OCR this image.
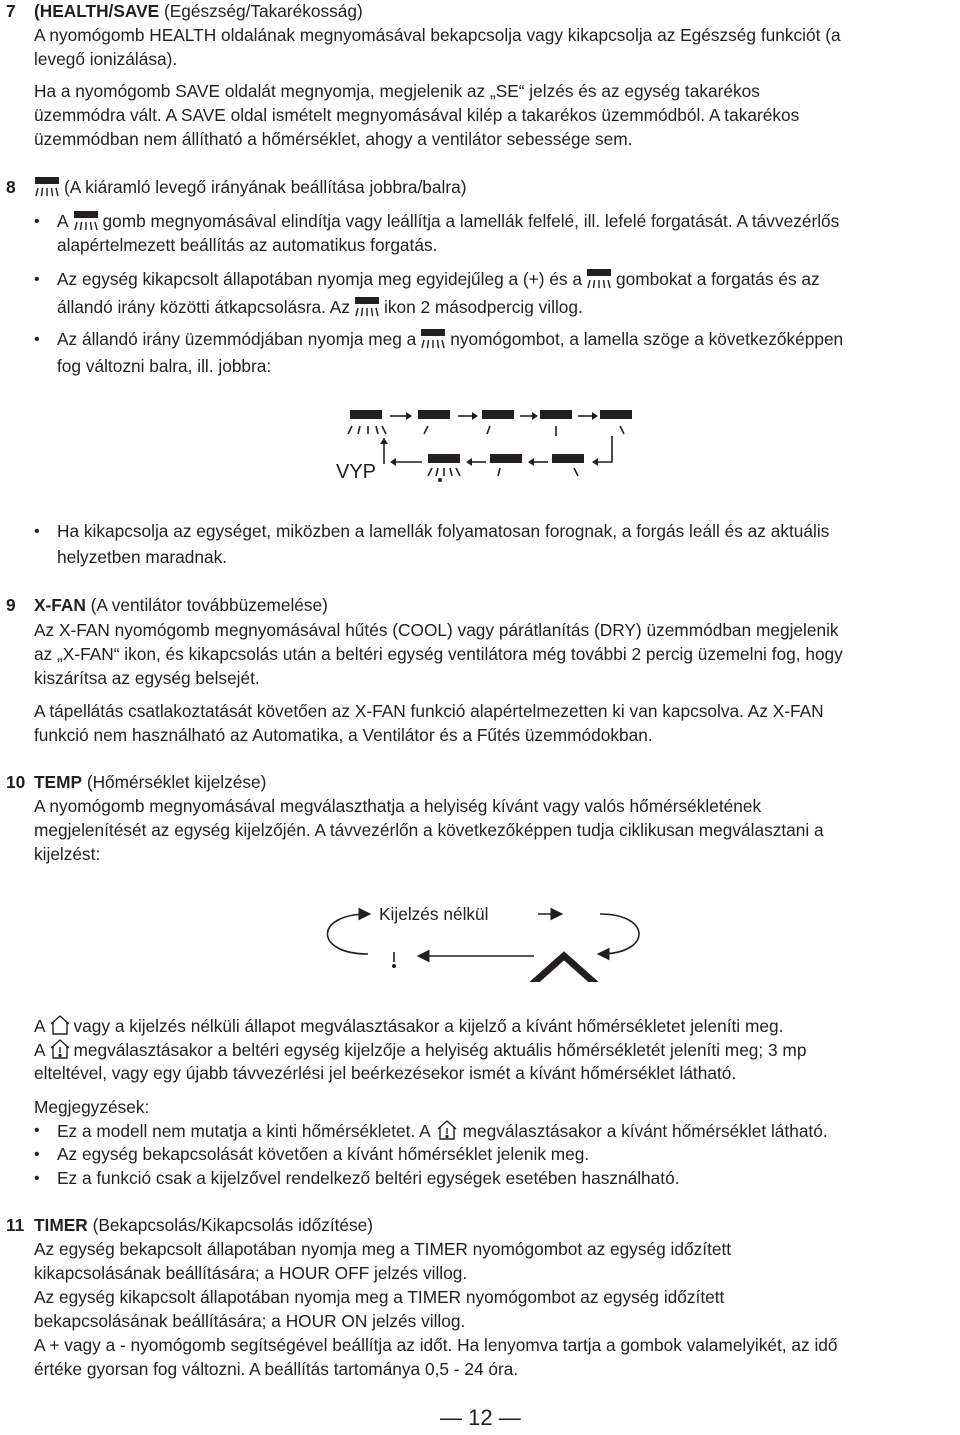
7 (HEALTH/SAVE (Egészség/Takarékosság)
A nyomógomb HEALTH oldalának megnyomásával bekapcsolja vagy kikapcsolja az Egészség funkciót (a
levegő ionizálása).
Ha a nyomógomb SAVE oldalát megnyomja, megjelenik az „SE“ jelzés és az egység takarékos
üzemmódra vált. A SAVE oldal ismételt megnyomásával kilép a takarékos üzemmódból. A takarékos
üzemmódban nem állítható a hőmérséklet, ahogy a ventilátor sebessége sem.
8	(A kiáramló levegő irányának beállítása jobbra/balra)
• A gomb megnyomásával elindítja vagy leállítja a lamellák felfelé, ill. lefelé forgatását. A távvezérlős
alapértelmezett beállítás az automatikus forgatás.
• Az egység kikapcsolt állapotában nyomja meg egyidejűleg a (+) és a gombokat a forgatás és az
állandó irány közötti átkapcsolásra. Az ikon 2 másodpercig villog.
• Az állandó irány üzemmódjában nyomja meg a nyomógombot, a lamella szöge a következőképpen
fog változni balra, ill. jobbra:
VYP
• Ha kikapcsolja az egységet, miközben a lamellák folyamatosan forognak, a forgás leáll és az aktuális
helyzetben maradnak.
9 X-FAN (A ventilátor továbbüzemelése)
Az X-FAN nyomógomb megnyomásával hűtés (COOL) vagy párátlanítás (DRY) üzemmódban megjelenik
az „X-FAN“ ikon, és kikapcsolás után a beltéri egység ventilátora még további 2 percig üzemelni fog, hogy
kiszárítsa az egység belsejét.
A tápellátás csatlakoztatását követően az X-FAN funkció alapértelmezetten ki van kapcsolva. Az X-FAN
funkció nem használható az Automatika, a Ventilátor és a Fűtés üzemmódokban.
10 TEMP (Hőmérséklet kijelzése)
A nyomógomb megnyomásával megválaszthatja a helyiség kívánt vagy valós hőmérsékletének
megjelenítését az egység kijelzőjén. A távvezérlőn a következőképpen tudja ciklikusan megválasztani a
kijelzést:
Kijelzés nélkül
A vagy a kijelzés nélküli állapot megválasztásakor a kijelző a kívánt hőmérsékletet jeleníti meg.
A megválasztásakor a beltéri egység kijelzője a helyiség aktuális hőmérsékletét jeleníti meg; 3 mp
elteltével, vagy egy újabb távvezérlési jel beérkezésekor ismét a kívánt hőmérséklet látható.
Megjegyzések:
• Ez a modell nem mutatja a kinti hőmérsékletet. A megválasztásakor a kívánt hőmérséklet látható.
• Az egység bekapcsolását követően a kívánt hőmérséklet jelenik meg.
• Ez a funkció csak a kijelzővel rendelkező beltéri egységek esetében használható.
11 TIMER (Bekapcsolás/Kikapcsolás időzítése)
Az egység bekapcsolt állapotában nyomja meg a TIMER nyomógombot az egység időzített
kikapcsolásának beállítására; a HOUR OFF jelzés villog.
Az egység kikapcsolt állapotában nyomja meg a TIMER nyomógombot az egység időzített
bekapcsolásának beállítására; a HOUR ON jelzés villog.
A + vagy a - nyomógomb segítségével beállítja az időt. Ha lenyomva tartja a gombok valamelyikét, az idő
értéke gyorsan fog változni. A beállítás tartománya 0,5 - 24 óra.
— 12 —
